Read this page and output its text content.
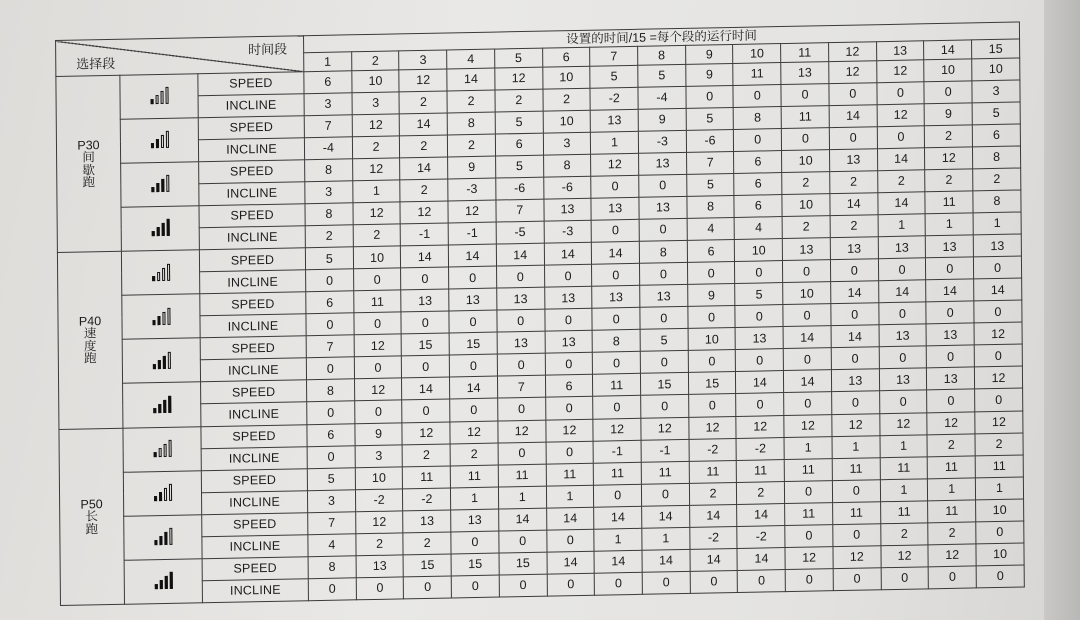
时间段
选择段			设置的时间/15 =每个段的运行时间														
			1	2	3	4	5	6	7	8	9	10	11	12	13	14	15

P30
间
歇
跑		SPEED	6	10	12	14	12	10	5	5	9	11	13	12	12	10	10
		INCLINE	3	3	2	2	2	2	-2	-4	0	0	0	0	0	0	3

		SPEED	7	12	14	8	5	10	13	9	5	8	11	14	12	9	5
		INCLINE	-4	2	2	2	6	3	1	-3	-6	0	0	0	0	2	6

		SPEED	8	12	14	9	5	8	12	13	7	6	10	13	14	12	8
		INCLINE	3	1	2	-3	-6	-6	0	0	5	6	2	2	2	2	2

		SPEED	8	12	12	12	7	13	13	13	8	6	10	14	14	11	8
		INCLINE	2	2	-1	-1	-5	-3	0	0	4	4	2	2	1	1	1

P40
速
度
跑		SPEED	5	10	14	14	14	14	14	8	6	10	13	13	13	13	13
		INCLINE	0	0	0	0	0	0	0	0	0	0	0	0	0	0	0

		SPEED	6	11	13	13	13	13	13	13	9	5	10	14	14	14	14
		INCLINE	0	0	0	0	0	0	0	0	0	0	0	0	0	0	0

		SPEED	7	12	15	15	13	13	8	5	10	13	14	14	13	13	12
		INCLINE	0	0	0	0	0	0	0	0	0	0	0	0	0	0	0

		SPEED	8	12	14	14	7	6	11	15	15	14	14	13	13	13	12
		INCLINE	0	0	0	0	0	0	0	0	0	0	0	0	0	0	0

P50
长
跑		SPEED	6	9	12	12	12	12	12	12	12	12	12	12	12	12	12
		INCLINE	0	3	2	2	0	0	-1	-1	-2	-2	1	1	1	2	2

		SPEED	5	10	11	11	11	11	11	11	11	11	11	11	11	11	11
		INCLINE	3	-2	-2	1	1	1	0	0	2	2	0	0	1	1	1

		SPEED	7	12	13	13	14	14	14	14	14	14	11	11	11	11	10
		INCLINE	4	2	2	0	0	0	1	1	-2	-2	0	0	2	2	0

		SPEED	8	13	15	15	15	14	14	14	14	14	12	12	12	12	10
		INCLINE	0	0	0	0	0	0	0	0	0	0	0	0	0	0	0
